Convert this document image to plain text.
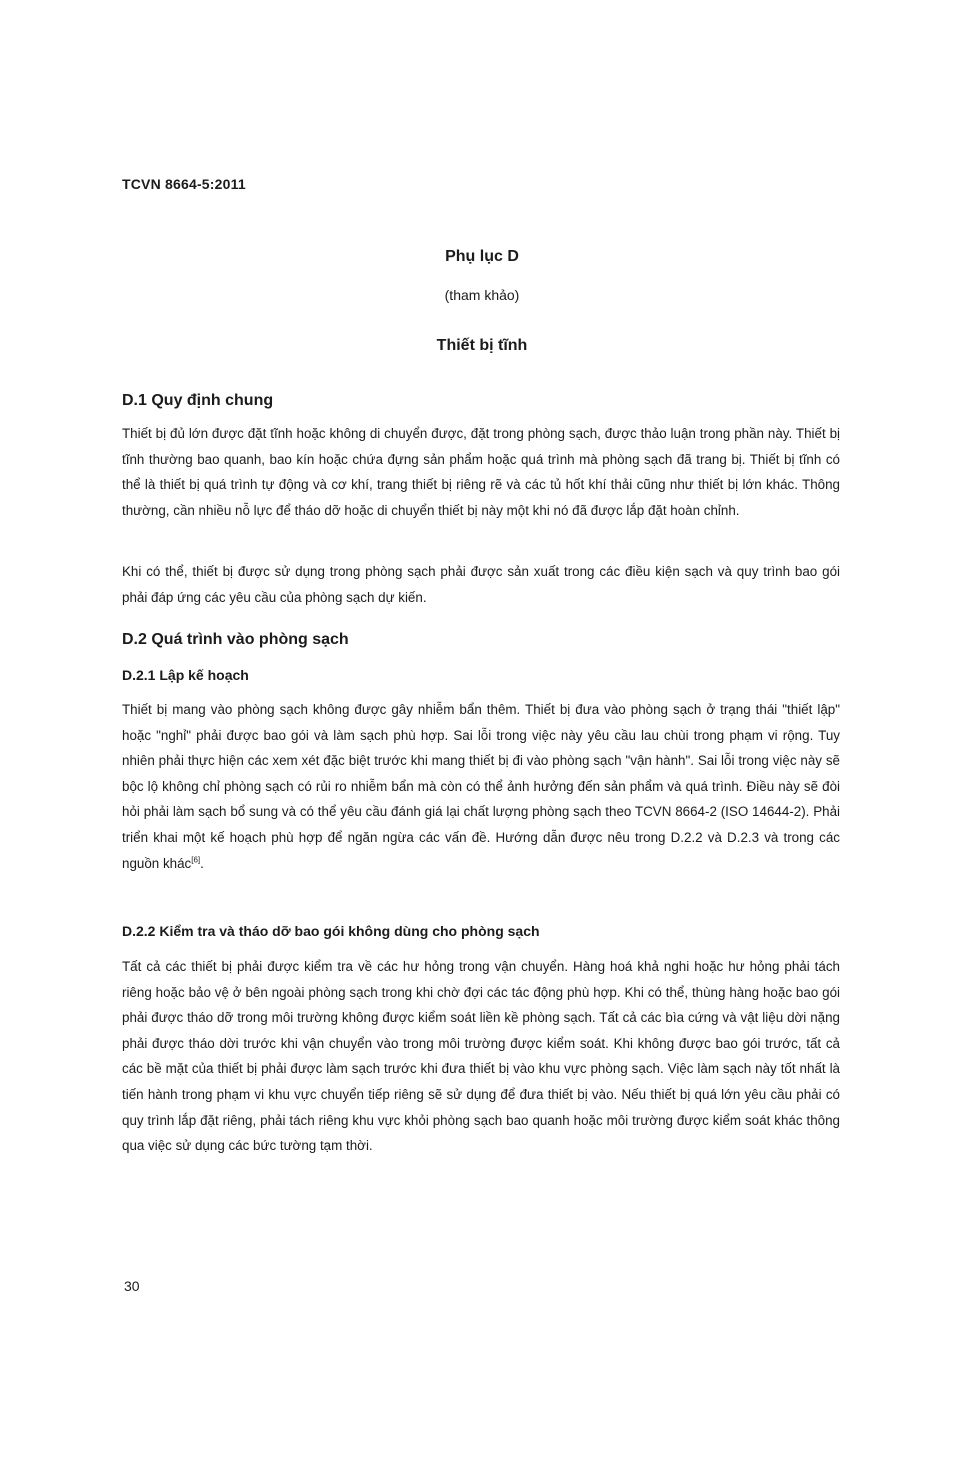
TCVN 8664-5:2011
Phụ lục D
(tham khảo)
Thiết bị tĩnh
D.1 Quy định chung

Thiết bị đủ lớn được đặt tĩnh hoặc không di chuyển được, đặt trong phòng sạch, được thảo luận trong phần này. Thiết bị tĩnh thường bao quanh, bao kín hoặc chứa đựng sản phẩm hoặc quá trình mà phòng sạch đã trang bị. Thiết bị tĩnh có thể là thiết bị quá trình tự động và cơ khí, trang thiết bị riêng rẽ và các tủ hốt khí thải cũng như thiết bị lớn khác. Thông thường, cần nhiều nỗ lực để tháo dỡ hoặc di chuyển thiết bị này một khi nó đã được lắp đặt hoàn chỉnh.

Khi có thể, thiết bị được sử dụng trong phòng sạch phải được sản xuất trong các điều kiện sạch và quy trình bao gói phải đáp ứng các yêu cầu của phòng sạch dự kiến.

D.2 Quá trình vào phòng sạch
D.2.1 Lập kế hoạch

Thiết bị mang vào phòng sạch không được gây nhiễm bẩn thêm. Thiết bị đưa vào phòng sạch ở trạng thái "thiết lập" hoặc "nghỉ" phải được bao gói và làm sạch phù hợp. Sai lỗi trong việc này yêu cầu lau chùi trong phạm vi rộng. Tuy nhiên phải thực hiện các xem xét đặc biệt trước khi mang thiết bị đi vào phòng sạch "vận hành". Sai lỗi trong việc này sẽ bộc lộ không chỉ phòng sạch có rủi ro nhiễm bẩn mà còn có thể ảnh hưởng đến sản phẩm và quá trình. Điều này sẽ đòi hỏi phải làm sạch bổ sung và có thể yêu cầu đánh giá lại chất lượng phòng sạch theo TCVN 8664-2 (ISO 14644-2). Phải triển khai một kế hoạch phù hợp để ngăn ngừa các vấn đề. Hướng dẫn được nêu trong D.2.2 và D.2.3 và trong các nguồn khác[6].

D.2.2 Kiểm tra và tháo dỡ bao gói không dùng cho phòng sạch

Tất cả các thiết bị phải được kiểm tra về các hư hỏng trong vận chuyển. Hàng hoá khả nghi hoặc hư hỏng phải tách riêng hoặc bảo vệ ở bên ngoài phòng sạch trong khi chờ đợi các tác động phù hợp. Khi có thể, thùng hàng hoặc bao gói phải được tháo dỡ trong môi trường không được kiểm soát liền kề phòng sạch. Tất cả các bìa cứng và vật liệu dời nặng phải được tháo dời trước khi vận chuyển vào trong môi trường được kiểm soát. Khi không được bao gói trước, tất cả các bề mặt của thiết bị phải được làm sạch trước khi đưa thiết bị vào khu vực phòng sạch. Việc làm sạch này tốt nhất là tiến hành trong phạm vi khu vực chuyển tiếp riêng sẽ sử dụng để đưa thiết bị vào. Nếu thiết bị quá lớn yêu cầu phải có quy trình lắp đặt riêng, phải tách riêng khu vực khỏi phòng sạch bao quanh hoặc môi trường được kiểm soát khác thông qua việc sử dụng các bức tường tạm thời.

30
